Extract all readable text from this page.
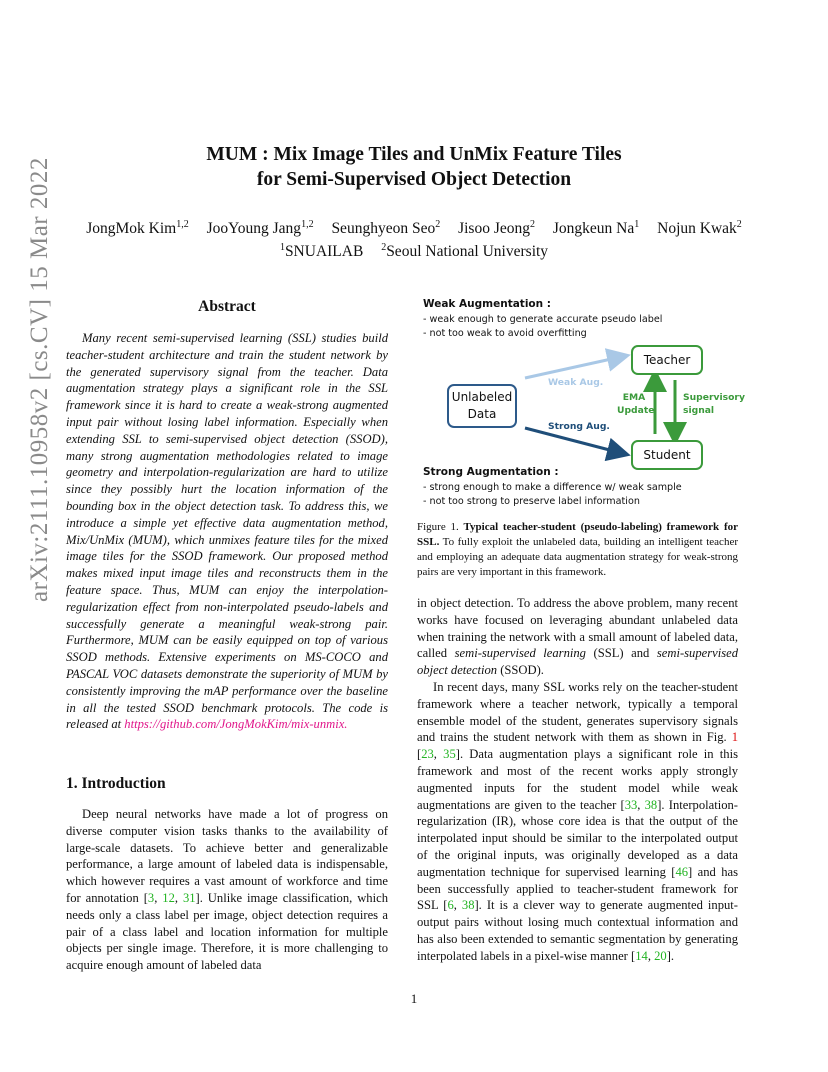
MUM : Mix Image Tiles and UnMix Feature Tiles
for Semi-Supervised Object Detection
JongMok Kim$^{1,2}$ JooYoung Jang$^{1,2}$ Seunghyeon Seo$^2$ Jisoo Jeong$^2$ Jongkeun Na$^1$ Nojun Kwak$^2$
$^1$SNUAILAB $^2$Seoul National University
arXiv:2111.10958v2 [cs.CV] 15 Mar 2022	Abstract
Many recent semi-supervised learning (SSL) studies build teacher-student architecture and train the student network by the generated supervisory signal from the teacher. Data augmentation strategy plays a significant role in the SSL framework since it is hard to create a weak-strong augmented input pair without losing label information. Especially when extending SSL to semi-supervised object detection (SSOD), many strong augmentation methodologies related to image geometry and interpolation-regularization are hard to utilize since they possibly hurt the location information of the bounding box in the object detection task. To address this, we introduce a simple yet effective data augmentation method, Mix/UnMix (MUM), which unmixes feature tiles for the mixed image tiles for the SSOD framework. Our proposed method makes mixed input image tiles and reconstructs them in the feature space. Thus, MUM can enjoy the interpolation-regularization effect from non-interpolated pseudo-labels and successfully generate a meaningful weak-strong pair. Furthermore, MUM can be easily equipped on top of various SSOD methods. Extensive experiments on MS-COCO and PASCAL VOC datasets demonstrate the superiority of MUM by consistently improving the mAP performance over the baseline in all the tested SSOD benchmark protocols. The code is released at https://github.com/JongMokKim/mix-unmix.
1. Introduction
Deep neural networks have made a lot of progress on diverse computer vision tasks thanks to the availability of large-scale datasets. To achieve better and generalizable performance, a large amount of labeled data is indispensable, which however requires a vast amount of workforce and time for annotation [3, 12, 31]. Unlike image classification, which needs only a class label per image, object detection requires a pair of a class label and location information for multiple objects per single image. Therefore, it is more challenging to acquire enough amount of labeled data
Weak Augmentation :
- weak enough to generate accurate pseudo label
- not too weak to avoid overfitting
Unlabeled Data
Teacher
Student
Weak Aug.
Strong Aug.
EMA Update
Supervisory signal
Strong Augmentation :
- strong enough to make a difference w/ weak sample
- not too strong to preserve label information
Figure 1. Typical teacher-student (pseudo-labeling) framework for SSL. To fully exploit the unlabeled data, building an intelligent teacher and employing an adequate data augmentation strategy for weak-strong pairs are very important in this framework.

in object detection. To address the above problem, many recent works have focused on leveraging abundant unlabeled data when training the network with a small amount of labeled data, called semi-supervised learning (SSL) and semi-supervised object detection (SSOD).

In recent days, many SSL works rely on the teacher-student framework where a teacher network, typically a temporal ensemble model of the student, generates supervisory signals and trains the student network with them as shown in Fig. 1 [23, 35]. Data augmentation plays a significant role in this framework and most of the recent works apply strongly augmented inputs for the student model while weak augmentations are given to the teacher [33, 38]. Interpolation-regularization (IR), whose core idea is that the output of the interpolated input should be similar to the interpolated output of the original inputs, was originally developed as a data augmentation technique for supervised learning [46] and has been successfully applied to teacher-student framework for SSL [6, 38]. It is a clever way to generate augmented input-output pairs without losing much contextual information and has also been extended to semantic segmentation by generating interpolated labels in a pixel-wise manner [14, 20].

1
